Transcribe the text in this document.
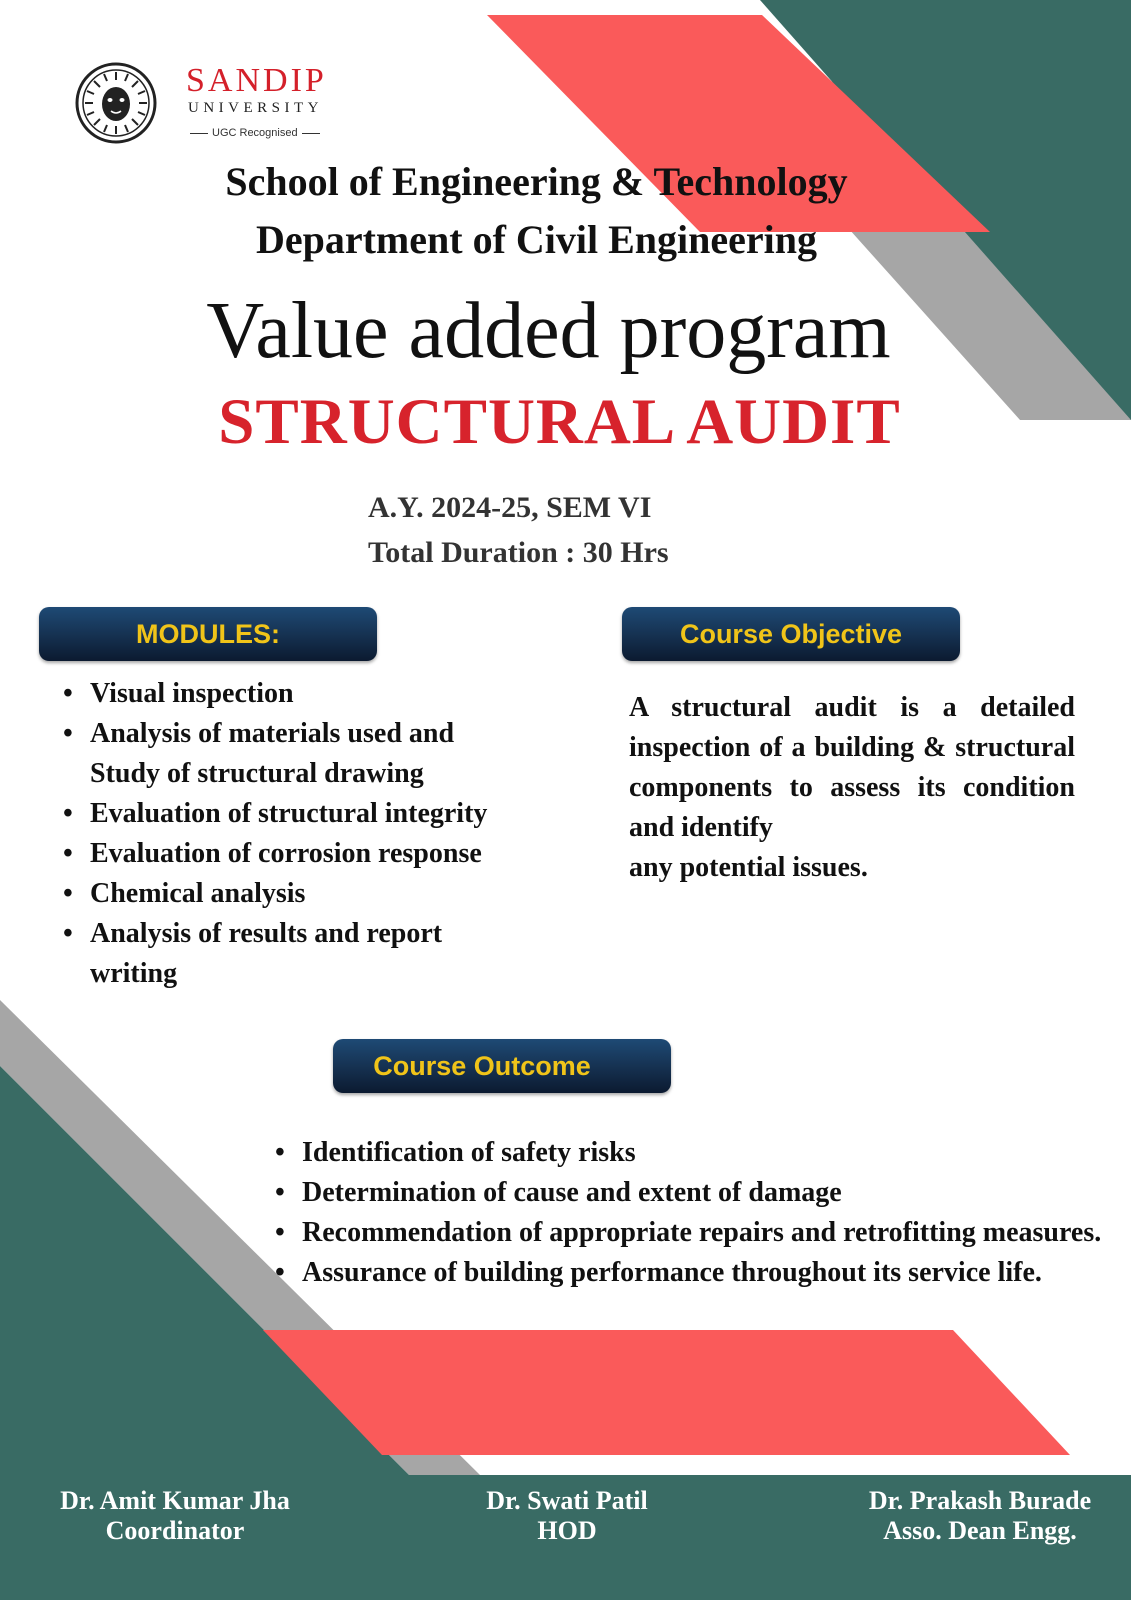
SANDIP
UNIVERSITY
UGC Recognised
School of Engineering & Technology
Department of Civil Engineering
Value added program
STRUCTURAL AUDIT
A.Y. 2024-25, SEM VI
Total Duration : 30 Hrs
MODULES:
• Visual inspection
• Analysis of materials used and
Study of structural drawing
• Evaluation of structural integrity
• Evaluation of corrosion response
• Chemical analysis
• Analysis of results and report
writing
Course Objective
A structural audit is a detailed
inspection of a building & structural
components to assess its condition
and identify
any potential issues.
Course Outcome
• Identification of safety risks
• Determination of cause and extent of damage
• Recommendation of appropriate repairs and retrofitting measures.
• Assurance of building performance throughout its service life.
Dr. Amit Kumar Jha
Coordinator
Dr. Swati Patil
HOD
Dr. Prakash Burade
Asso. Dean Engg.
